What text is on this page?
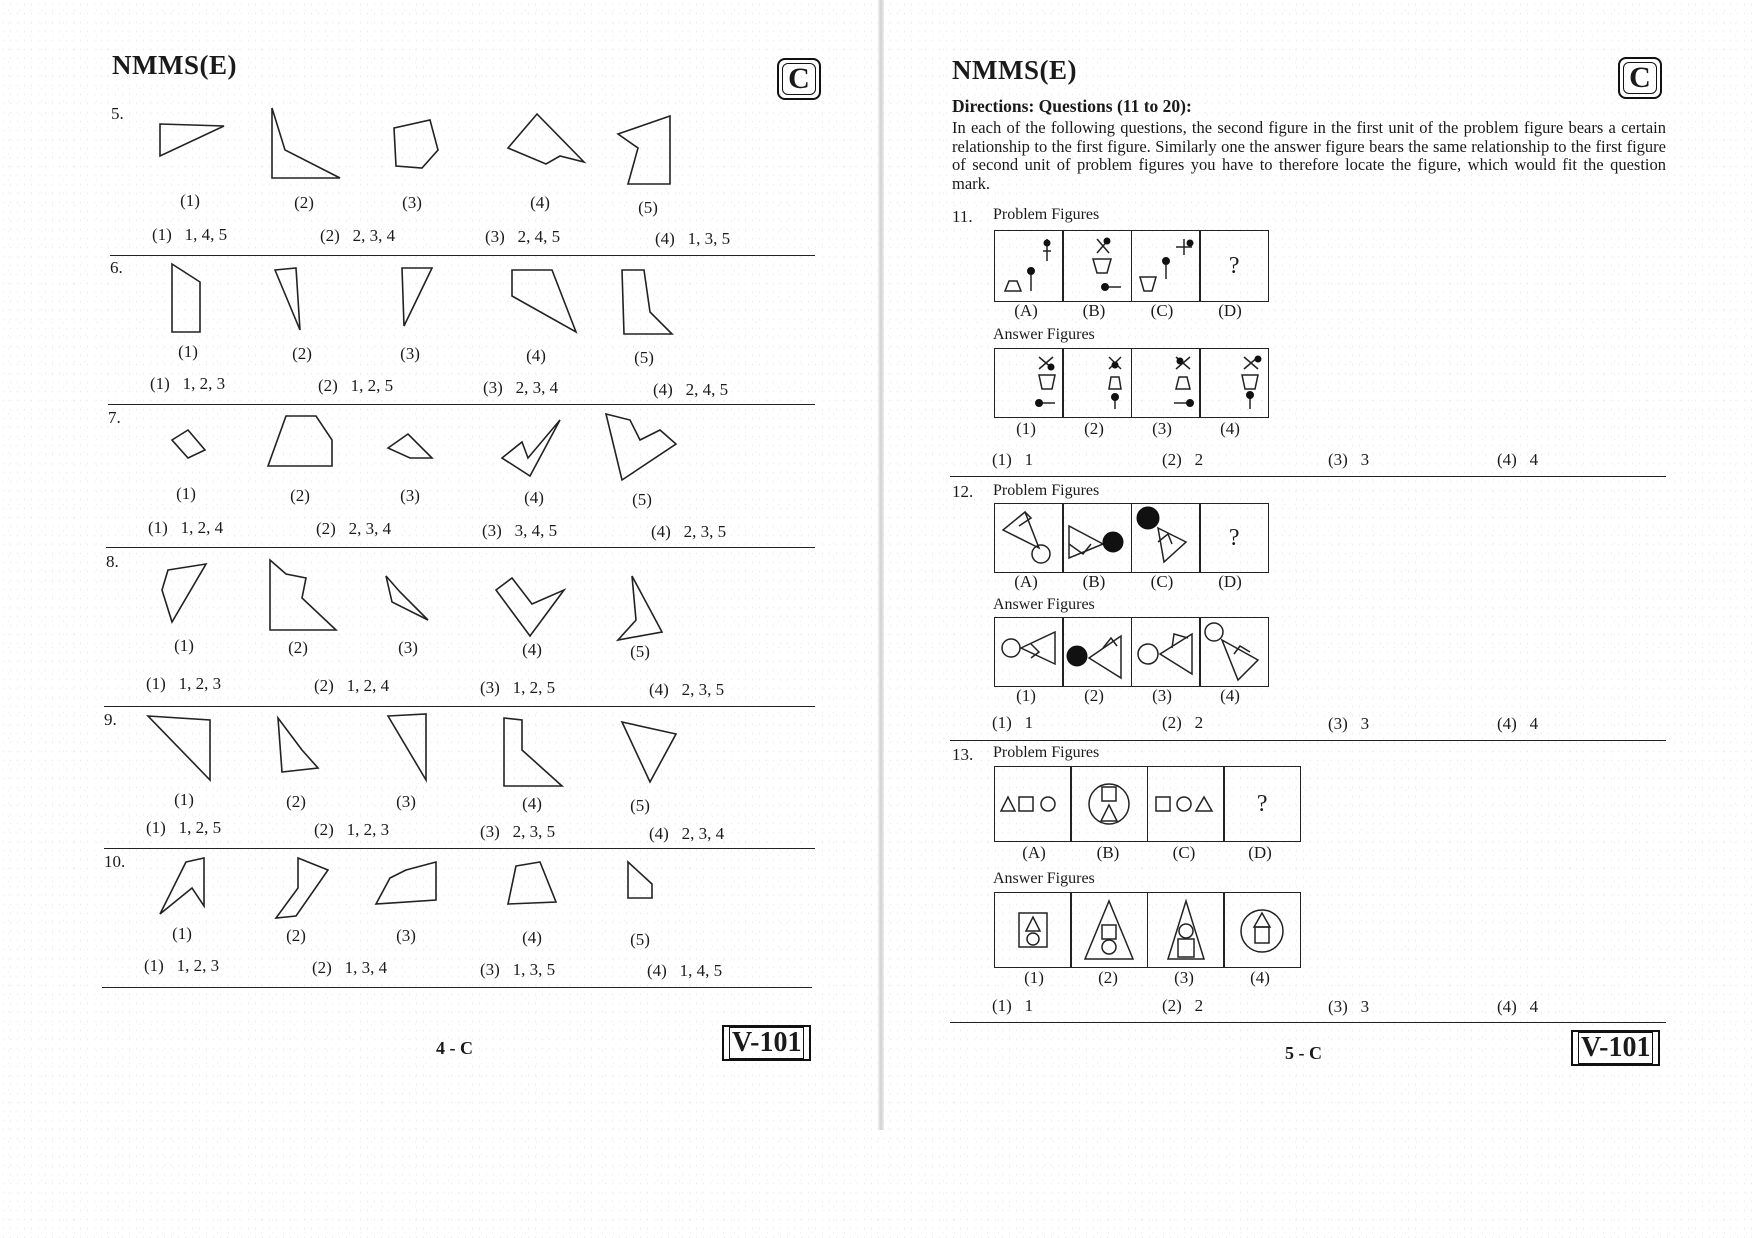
NMMS(E)	C
5.
(1)	(2)	(3)	(4)	(5)
(1) 1, 4, 5	(2) 2, 3, 4	(3) 2, 4, 5	(4) 1, 3, 5
6.
(1)	(2)	(3)	(4)	(5)
(1) 1, 2, 3	(2) 1, 2, 5	(3) 2, 3, 4	(4) 2, 4, 5
7.
(1)	(2)	(3)	(4)	(5)
(1) 1, 2, 4	(2) 2, 3, 4	(3) 3, 4, 5	(4) 2, 3, 5
8.
(1)	(2)	(3)	(4)	(5)
(1) 1, 2, 3	(2) 1, 2, 4	(3) 1, 2, 5	(4) 2, 3, 5
9.
(1)	(2)	(3)	(4)	(5)
(1) 1, 2, 5	(2) 1, 2, 3	(3) 2, 3, 5	(4) 2, 3, 4
10.
(1)	(2)	(3)	(4)	(5)
(1) 1, 2, 3	(2) 1, 3, 4	(3) 1, 3, 5	(4) 1, 4, 5
4 - C	V-101
NMMS(E)	C
Directions: Questions (11 to 20):
In each of the following questions, the second figure in the first unit of the problem figure bears a certain relationship to the first figure. Similarly one the answer figure bears the same relationship to the first figure of second unit of problem figures you have to therefore locate the figure, which would fit the question mark.
11. Problem Figures
?
(A)	(B)	(C)	(D)
Answer Figures
(1)	(2)	(3)	(4)
(1) 1	(2) 2	(3) 3	(4) 4
12. Problem Figures
?
(A)	(B)	(C)	(D)
Answer Figures
(1)	(2)	(3)	(4)
(1) 1	(2) 2	(3) 3	(4) 4
13. Problem Figures
?
(A)	(B)	(C)	(D)
Answer Figures
(1)	(2)	(3)	(4)
(1) 1	(2) 2	(3) 3	(4) 4
5 - C	V-101
